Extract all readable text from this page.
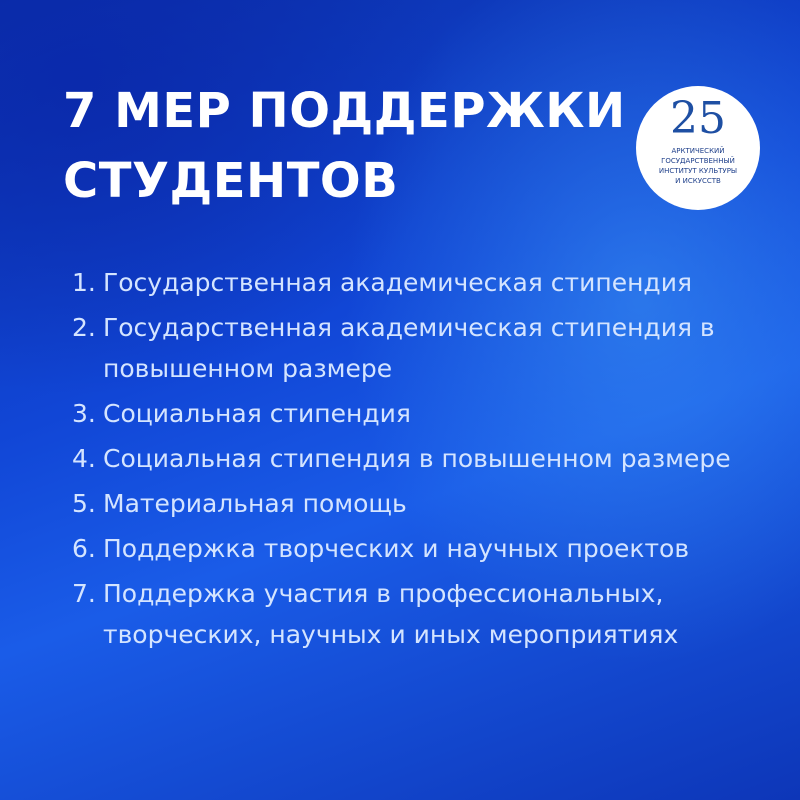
7 МЕР ПОДДЕРЖКИ
СТУДЕНТОВ
25
АРКТИЧЕСКИЙ
ГОСУДАРСТВЕННЫЙ
ИНСТИТУТ КУЛЬТУРЫ
И ИСКУССТВ
1. Государственная академическая стипендия
2. Государственная академическая стипендия в повышенном размере
3. Социальная стипендия
4. Социальная стипендия в повышенном размере
5. Материальная помощь
6. Поддержка творческих и научных проектов
7. Поддержка участия в профессиональных, творческих, научных и иных мероприятиях
